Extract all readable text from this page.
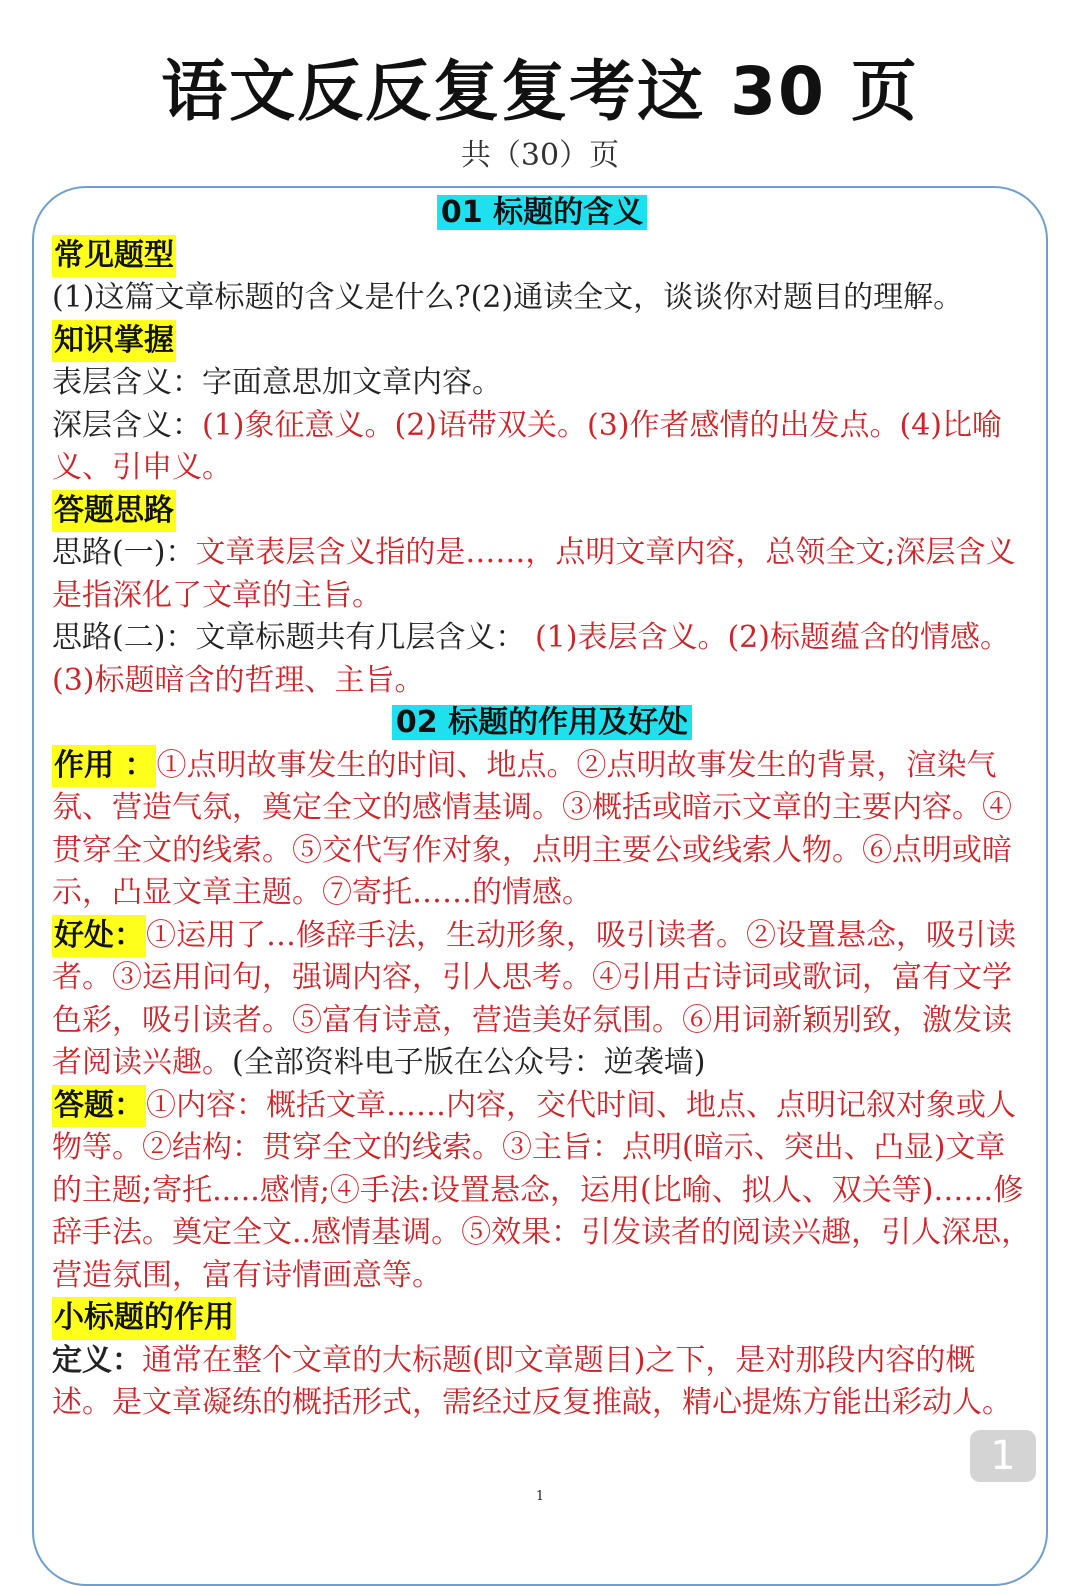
语文反反复复考这 30 页
共（30）页

01 标题的含义

常见题型

(1)这篇文章标题的含义是什么?(2)通读全文，谈谈你对题目的理解。

知识掌握

表层含义：字面意思加文章内容。

深层含义：(1)象征意义。(2)语带双关。(3)作者感情的出发点。(4)比喻义、引申义。

答题思路

思路(一)：文章表层含义指的是……，点明文章内容，总领全文;深层含义是指深化了文章的主旨。

思路(二)：文章标题共有几层含义： (1)表层含义。(2)标题蕴含的情感。(3)标题暗含的哲理、主旨。

02 标题的作用及好处

作用 ：①点明故事发生的时间、地点。②点明故事发生的背景，渲染气氛、营造气氛，奠定全文的感情基调。③概括或暗示文章的主要内容。④贯穿全文的线索。⑤交代写作对象，点明主要公或线索人物。⑥点明或暗示，凸显文章主题。⑦寄托……的情感。

好处：①运用了…修辞手法，生动形象，吸引读者。②设置悬念，吸引读者。③运用问句，强调内容，引人思考。④引用古诗词或歌词，富有文学色彩，吸引读者。⑤富有诗意，营造美好氛围。⑥用词新颖别致，激发读者阅读兴趣。(全部资料电子版在公众号：逆袭墙)

答题：①内容：概括文章……内容，交代时间、地点、点明记叙对象或人物等。②结构：贯穿全文的线索。③主旨：点明(暗示、突出、凸显)文章的主题;寄托.....感情;④手法:设置悬念，运用(比喻、拟人、双关等)……修辞手法。奠定全文..感情基调。⑤效果：引发读者的阅读兴趣，引人深思，营造氛围，富有诗情画意等。

小标题的作用

定义：通常在整个文章的大标题(即文章题目)之下，是对那段内容的概述。是文章凝练的概括形式，需经过反复推敲，精心提炼方能出彩动人。

1
1
